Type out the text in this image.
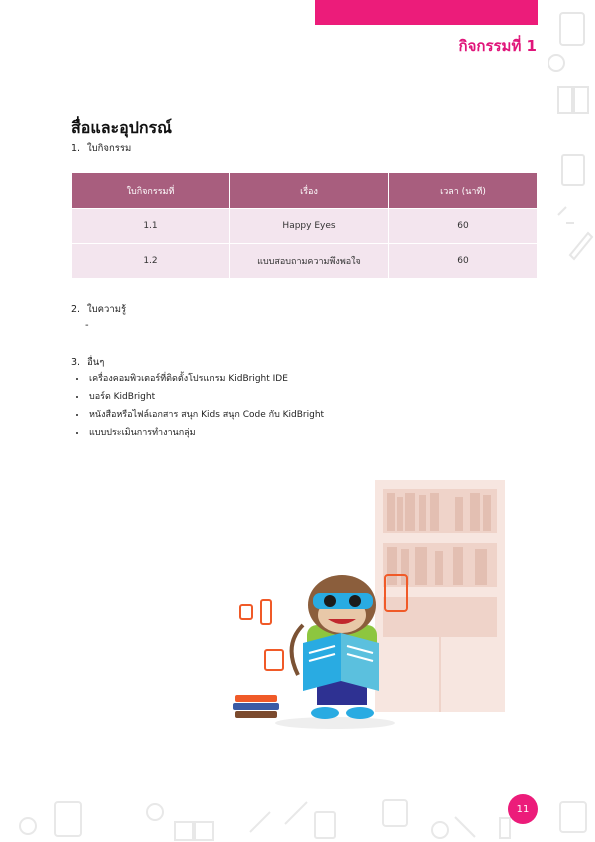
กิจกรรมที่ 1
สื่อและอุปกรณ์
1. ใบกิจกรรม
ใบกิจกรรมที่	เรื่อง	เวลา (นาที)
1.1	Happy Eyes	60
1.2	แบบสอบถามความพึงพอใจ	60
2. ใบความรู้
-
3. อื่นๆ
• เครื่องคอมพิวเตอร์ที่ติดตั้งโปรแกรม KidBright IDE
• บอร์ด KidBright
• หนังสือหรือไฟล์เอกสาร สนุก Kids สนุก Code กับ KidBright
• แบบประเมินการทำงานกลุ่ม
11
